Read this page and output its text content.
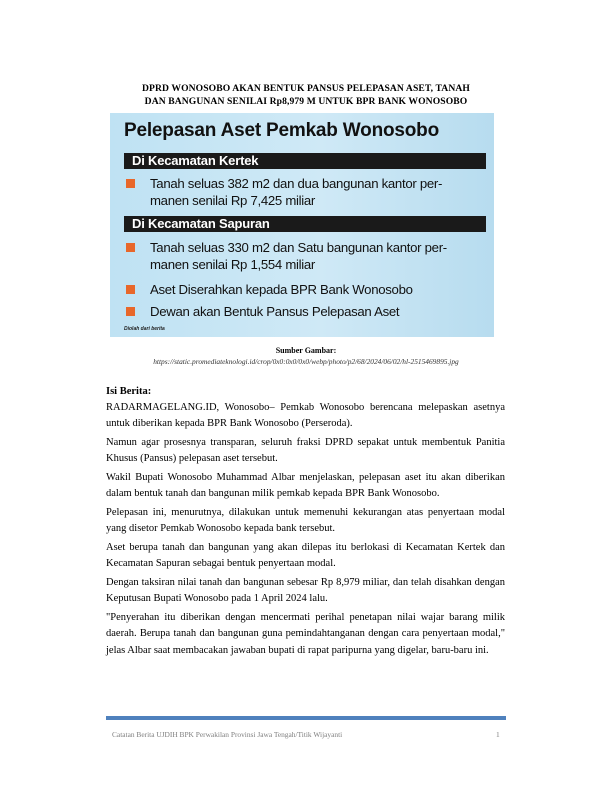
DPRD WONOSOBO AKAN BENTUK PANSUS PELEPASAN ASET, TANAH
DAN BANGUNAN SENILAI Rp8,979 M UNTUK BPR BANK WONOSOBO
Pelepasan Aset Pemkab Wonosobo
Di Kecamatan Kertek
Tanah seluas 382 m2 dan dua bangunan kantor per-
manen senilai Rp 7,425 miliar
Di Kecamatan Sapuran
Tanah seluas 330 m2 dan Satu bangunan kantor per-
manen senilai Rp 1,554 miliar
Aset Diserahkan kepada BPR Bank Wonosobo
Dewan akan Bentuk Pansus Pelepasan Aset
Diolah dari berita
Sumber Gambar:
https://static.promediateknologi.id/crop/0x0:0x0/0x0/webp/photo/p2/68/2024/06/02/hl-2515469895.jpg
Isi Berita:

RADARMAGELANG.ID, Wonosobo– Pemkab Wonosobo berencana melepaskan asetnya untuk diberikan kepada BPR Bank Wonosobo (Perseroda).

Namun agar prosesnya transparan, seluruh fraksi DPRD sepakat untuk membentuk Panitia Khusus (Pansus) pelepasan aset tersebut.

Wakil Bupati Wonosobo Muhammad Albar menjelaskan, pelepasan aset itu akan diberikan dalam bentuk tanah dan bangunan milik pemkab kepada BPR Bank Wonosobo.

Pelepasan ini, menurutnya, dilakukan untuk memenuhi kekurangan atas penyertaan modal yang disetor Pemkab Wonosobo kepada bank tersebut.

Aset berupa tanah dan bangunan yang akan dilepas itu berlokasi di Kecamatan Kertek dan Kecamatan Sapuran sebagai bentuk penyertaan modal.

Dengan taksiran nilai tanah dan bangunan sebesar Rp 8,979 miliar, dan telah disahkan dengan Keputusan Bupati Wonosobo pada 1 April 2024 lalu.

"Penyerahan itu diberikan dengan mencermati perihal penetapan nilai wajar barang milik daerah. Berupa tanah dan bangunan guna pemindahtanganan dengan cara penyertaan modal," jelas Albar saat membacakan jawaban bupati di rapat paripurna yang digelar, baru-baru ini.

Catatan Berita UJDIH BPK Perwakilan Provinsi Jawa Tengah/Titik Wijayanti	1
